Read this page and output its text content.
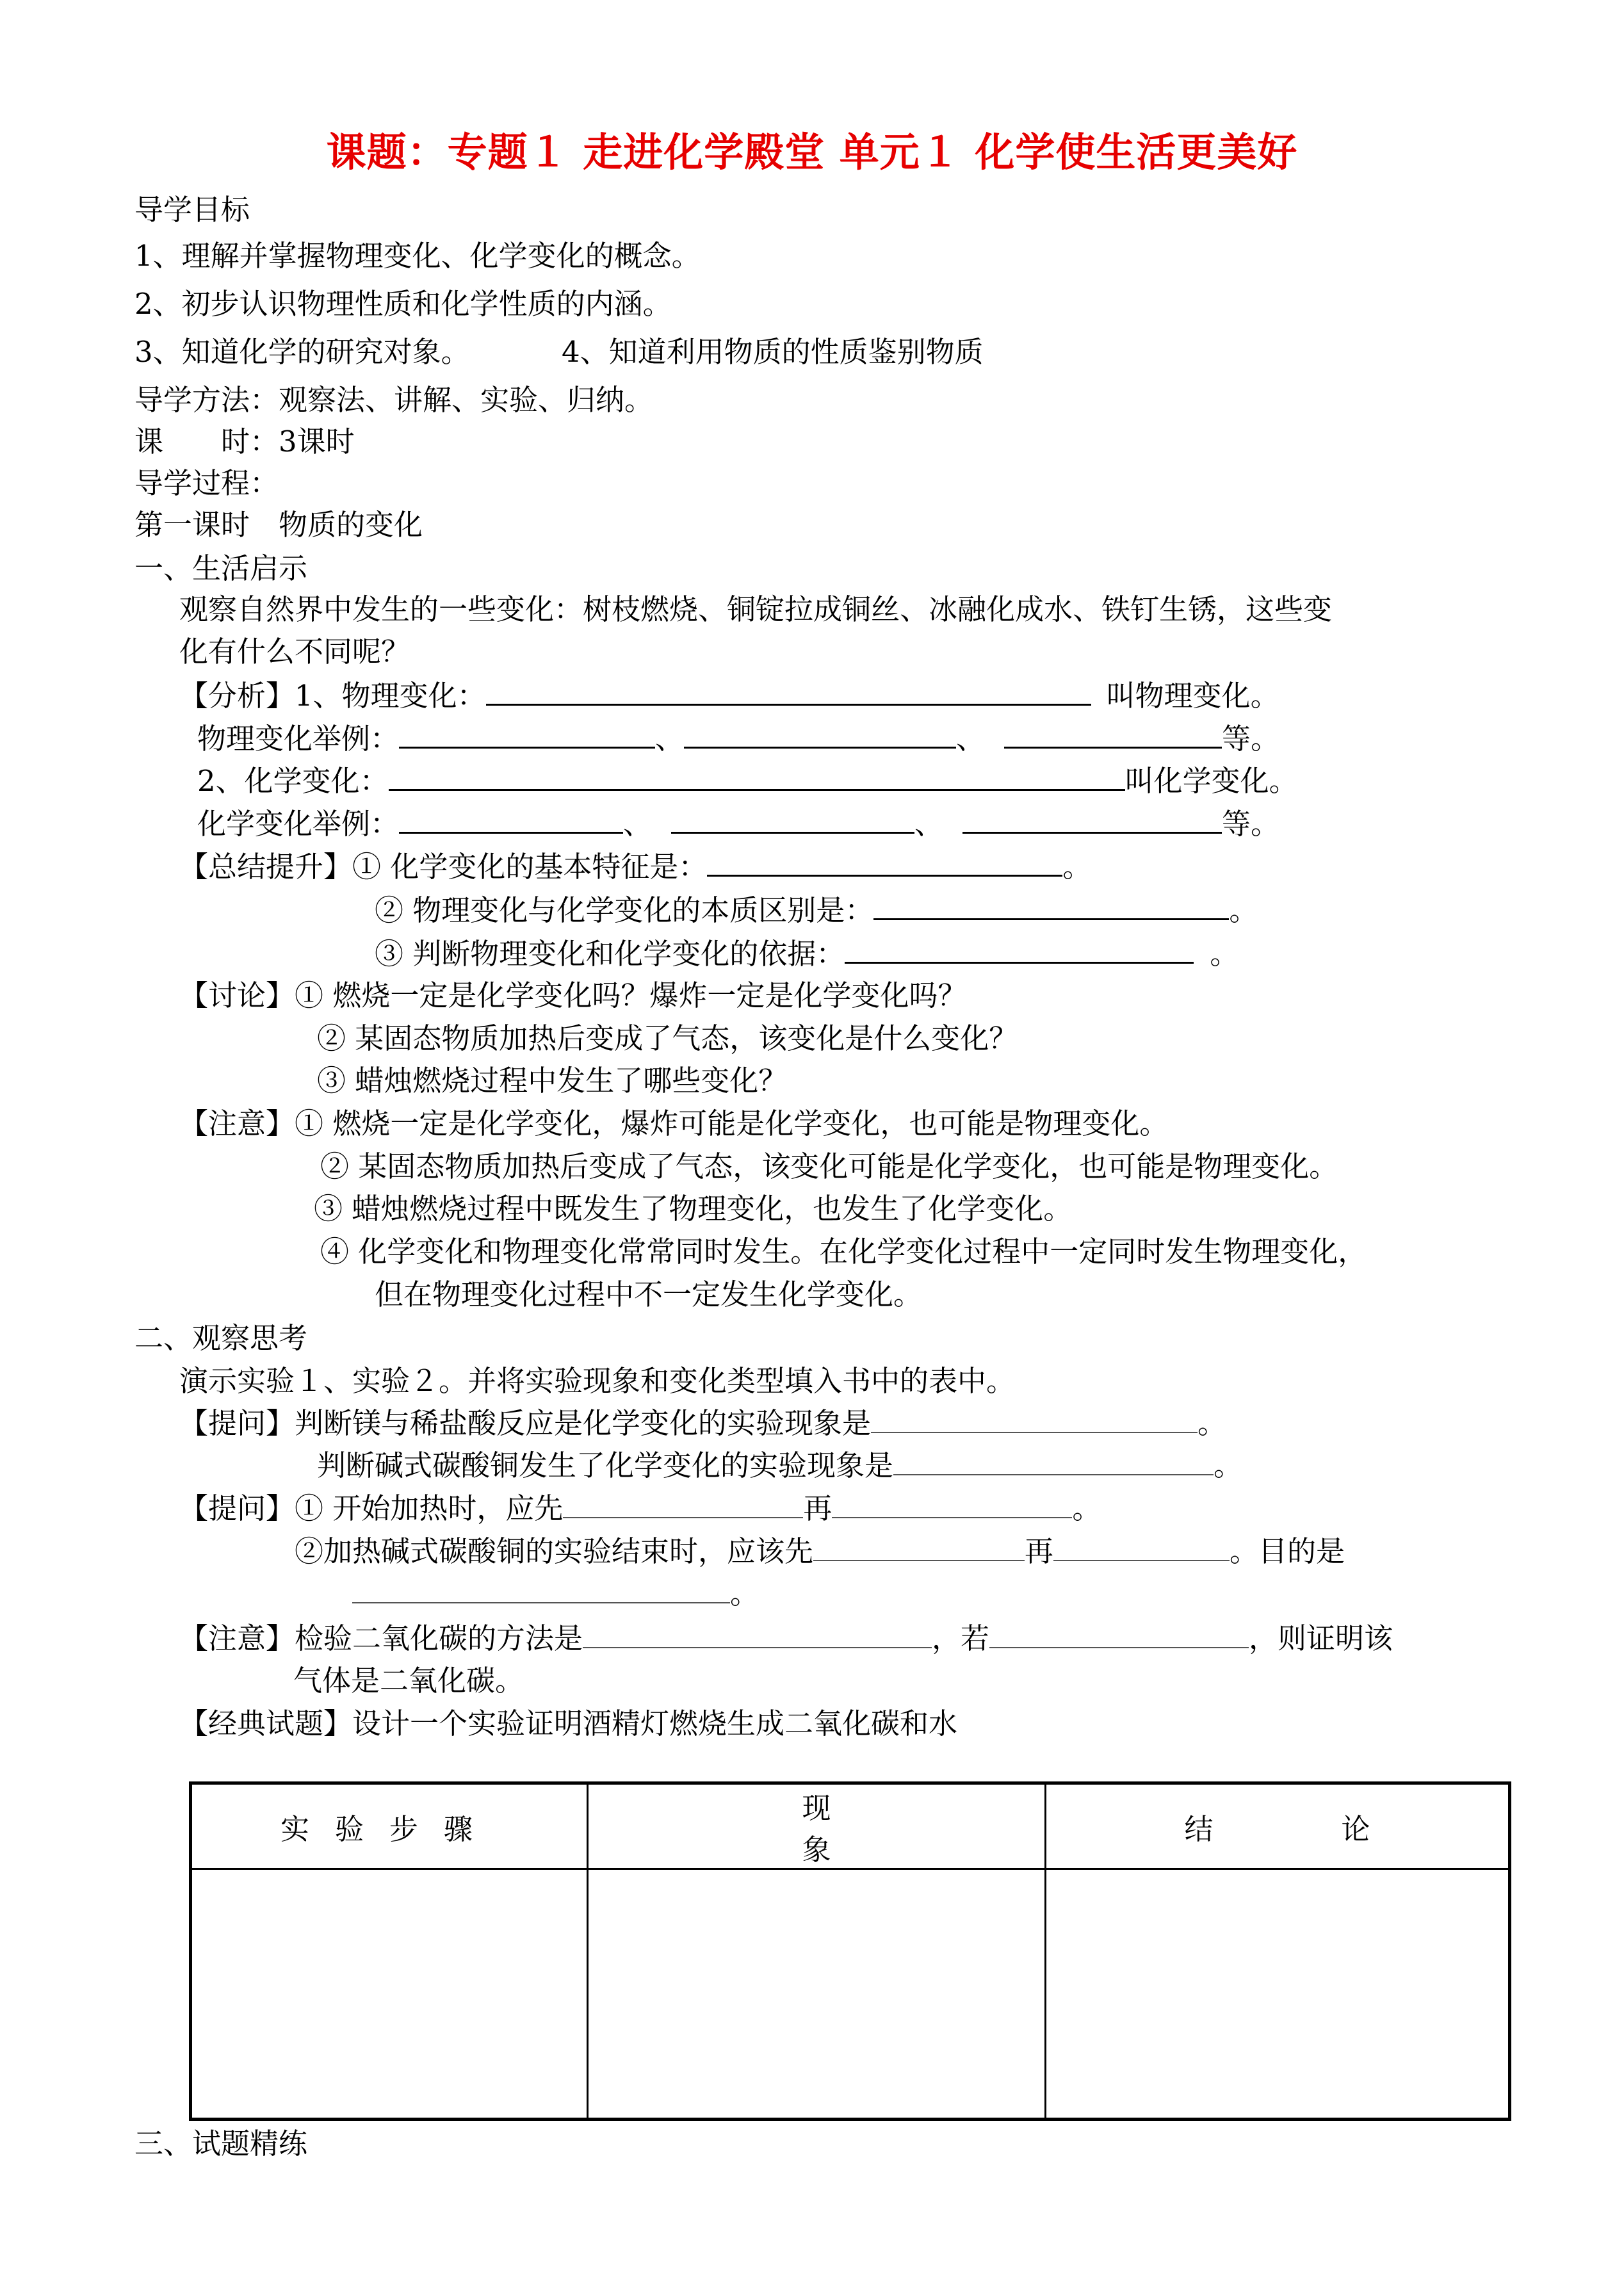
课题：专题１ 走进化学殿堂 单元１ 化学使生活更美好
导学目标
1、理解并掌握物理变化、化学变化的概念。
2、初步认识物理性质和化学性质的内涵。
3、知道化学的研究对象。	4、知道利用物质的性质鉴别物质
导学方法：观察法、讲解、实验、归纳。
课　　时：3课时
导学过程：
第一课时　物质的变化
一、生活启示
观察自然界中发生的一些变化：树枝燃烧、铜锭拉成铜丝、冰融化成水、铁钉生锈，这些变
化有什么不同呢？
【分析】1、物理变化：	叫物理变化。
物理变化举例：	、	、	等。
2、化学变化：	叫化学变化。
化学变化举例：	、	、	等。
【总结提升】① 化学变化的基本特征是：	。
② 物理变化与化学变化的本质区别是：	。
③ 判断物理变化和化学变化的依据：	。
【讨论】① 燃烧一定是化学变化吗？爆炸一定是化学变化吗？
② 某固态物质加热后变成了气态，该变化是什么变化？
③ 蜡烛燃烧过程中发生了哪些变化？
【注意】① 燃烧一定是化学变化，爆炸可能是化学变化，也可能是物理变化。
② 某固态物质加热后变成了气态，该变化可能是化学变化，也可能是物理变化。
③ 蜡烛燃烧过程中既发生了物理变化，也发生了化学变化。
④ 化学变化和物理变化常常同时发生。在化学变化过程中一定同时发生物理变化，
但在物理变化过程中不一定发生化学变化。
二、观察思考
演示实验１、实验２。并将实验现象和变化类型填入书中的表中。
【提问】判断镁与稀盐酸反应是化学变化的实验现象是	。
判断碱式碳酸铜发生了化学变化的实验现象是	。
【提问】① 开始加热时，应先	再	。
②加热碱式碳酸铜的实验结束时，应该先	再	。目的是
。
【注意】检验二氧化碳的方法是	，若	，则证明该
气体是二氧化碳。
【经典试题】设计一个实验证明酒精灯燃烧生成二氧化碳和水
实验步骤	现象	结论

三、试题精练
